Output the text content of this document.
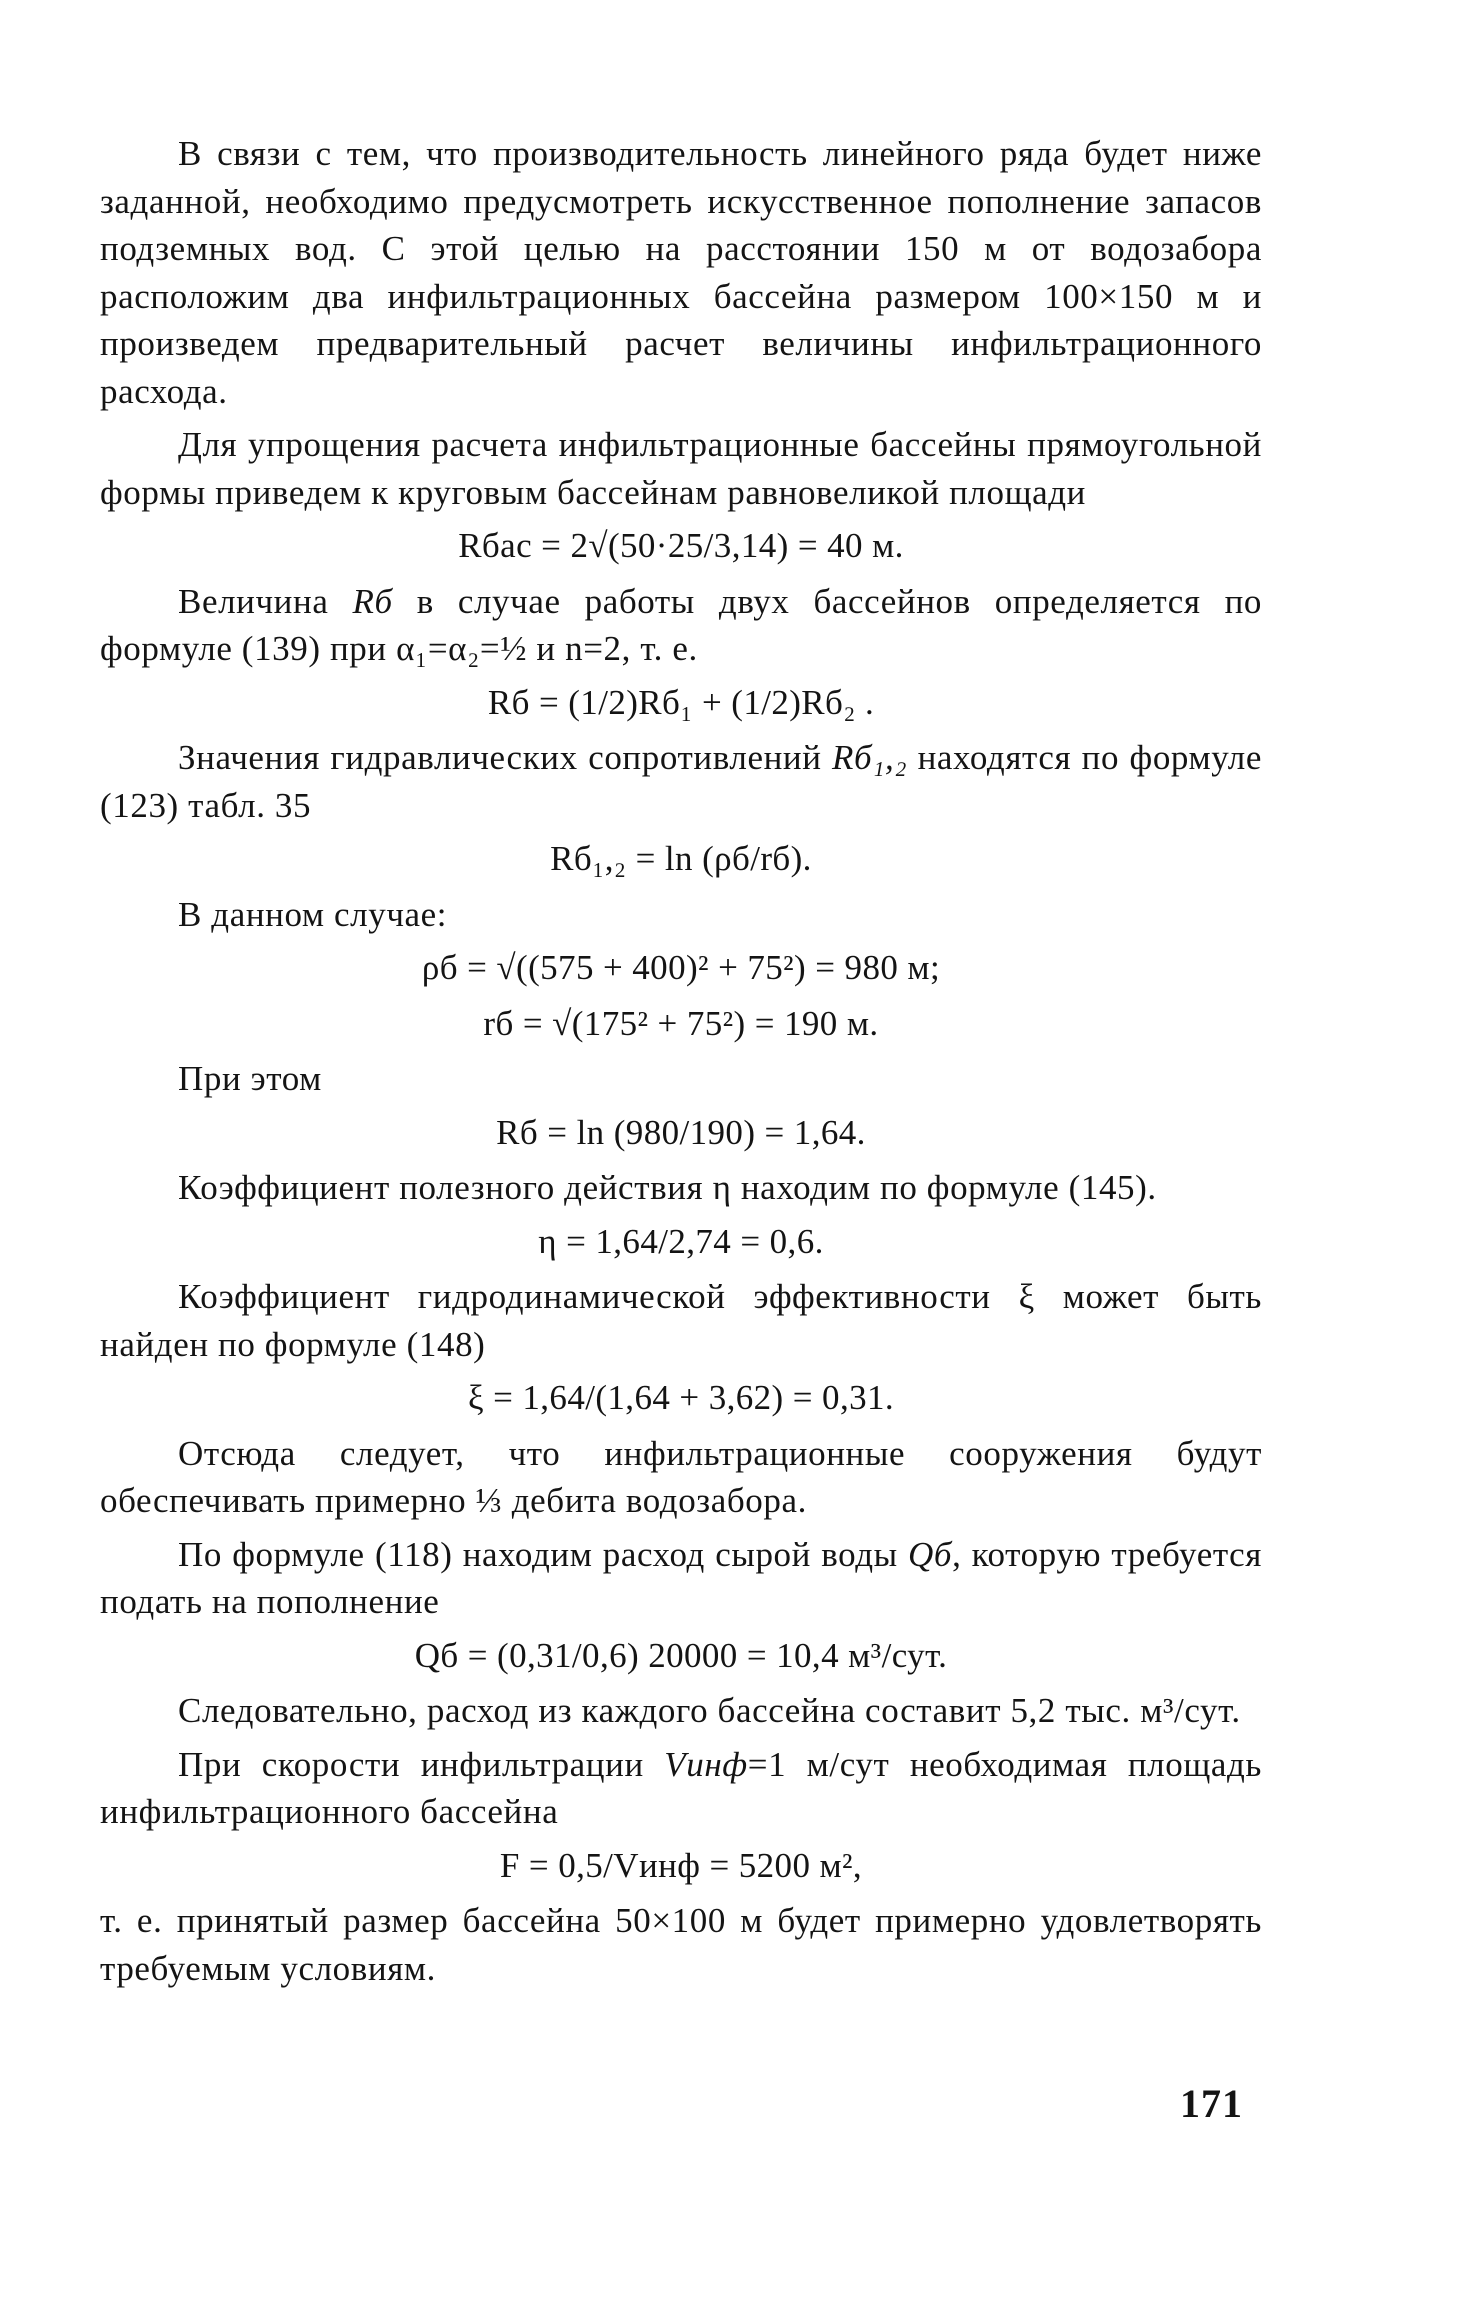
В связи с тем, что производительность линейного ряда будет ниже заданной, необходимо предусмотреть искусственное пополнение запасов подземных вод. С этой целью на расстоянии 150 м от водозабора расположим два инфильтрационных бассейна размером 100×150 м и произведем предварительный расчет величины инфильтрационного расхода.

Для упрощения расчета инфильтрационные бассейны прямоугольной формы приведем к круговым бассейнам равновеликой площади

Rбас = 2√(50·25/3,14) = 40 м.

Величина Rб в случае работы двух бассейнов определяется по формуле (139) при α₁=α₂=½ и n=2, т. е.

Rб = (1/2)Rб₁ + (1/2)Rб₂ .

Значения гидравлических сопротивлений Rб₁,₂ находятся по формуле (123) табл. 35

Rб₁,₂ = ln (ρб/rб).

В данном случае:

ρб = √((575 + 400)² + 75²) = 980 м;
rб = √(175² + 75²) = 190 м.

При этом

Rб = ln (980/190) = 1,64.

Коэффициент полезного действия η находим по формуле (145).

η = 1,64/2,74 = 0,6.

Коэффициент гидродинамической эффективности ξ может быть найден по формуле (148)

ξ = 1,64/(1,64 + 3,62) = 0,31.

Отсюда следует, что инфильтрационные сооружения будут обеспечивать примерно ⅓ дебита водозабора.

По формуле (118) находим расход сырой воды Qб, которую требуется подать на пополнение

Qб = (0,31/0,6) 20000 = 10,4 м³/сут.

Следовательно, расход из каждого бассейна составит 5,2 тыс. м³/сут.

При скорости инфильтрации Vинф=1 м/сут необходимая площадь инфильтрационного бассейна

F = 0,5/Vинф = 5200 м²,

т. е. принятый размер бассейна 50×100 м будет примерно удовлетворять требуемым условиям.

171
